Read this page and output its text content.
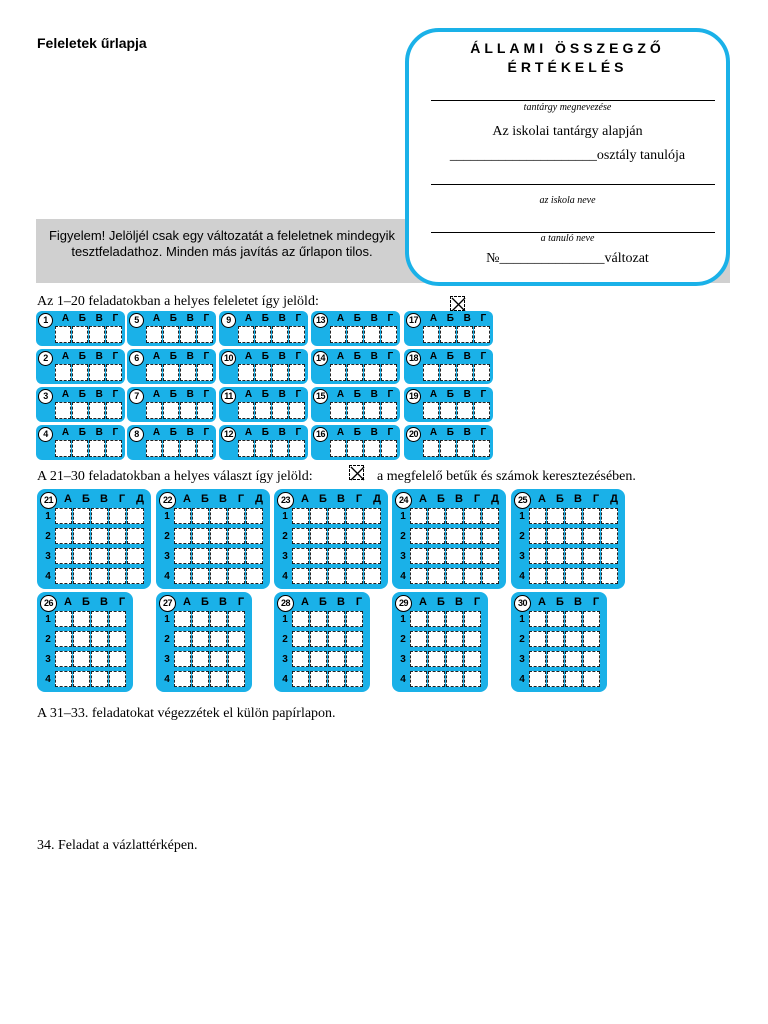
Feleletek űrlapja	ÁLLAMI ÖSSZEGZŐ
ÉRTÉKELÉS
tantárgy megnevezése
Az iskolai tantárgy alapján
_____________________osztály tanulója
az iskola neve
a tanuló neve
№_______________változat
Figyelem! Jelöljél csak egy változatát a feleletnek mindegyik tesztfeladathoz. Minden más javítás az űrlapon tilos.
Az 1–20 feladatokban a helyes feleletet így jelöld:
1	А Б В Г
2	А Б В Г
3	А Б В Г
4	А Б В Г
5	А Б В Г
6	А Б В Г
7	А Б В Г
8	А Б В Г
9	А Б В Г
10	А Б В Г
11	А Б В Г
12	А Б В Г
13	А Б В Г
14	А Б В Г
15	А Б В Г
16	А Б В Г
17	А Б В Г
18	А Б В Г
19	А Б В Г
20	А Б В Г
A 21–30 feladatokban a helyes választ így jelöld:	a megfelelő betűk és számok keresztezésében.
21	А Б В Г Д
1
2
3
4
22	А Б В Г Д
1
2
3
4
23	А Б В Г Д
1
2
3
4
24	А Б В Г Д
1
2
3
4
25	А Б В Г Д
1
2
3
4
26	А Б В Г
1
2
3
4
27	А Б В Г
1
2
3
4
28	А Б В Г
1
2
3
4
29	А Б В Г
1
2
3
4
30	А Б В Г
1
2
3
4
A 31–33. feladatokat végezzétek el külön papírlapon.
34. Feladat a vázlattérképen.
